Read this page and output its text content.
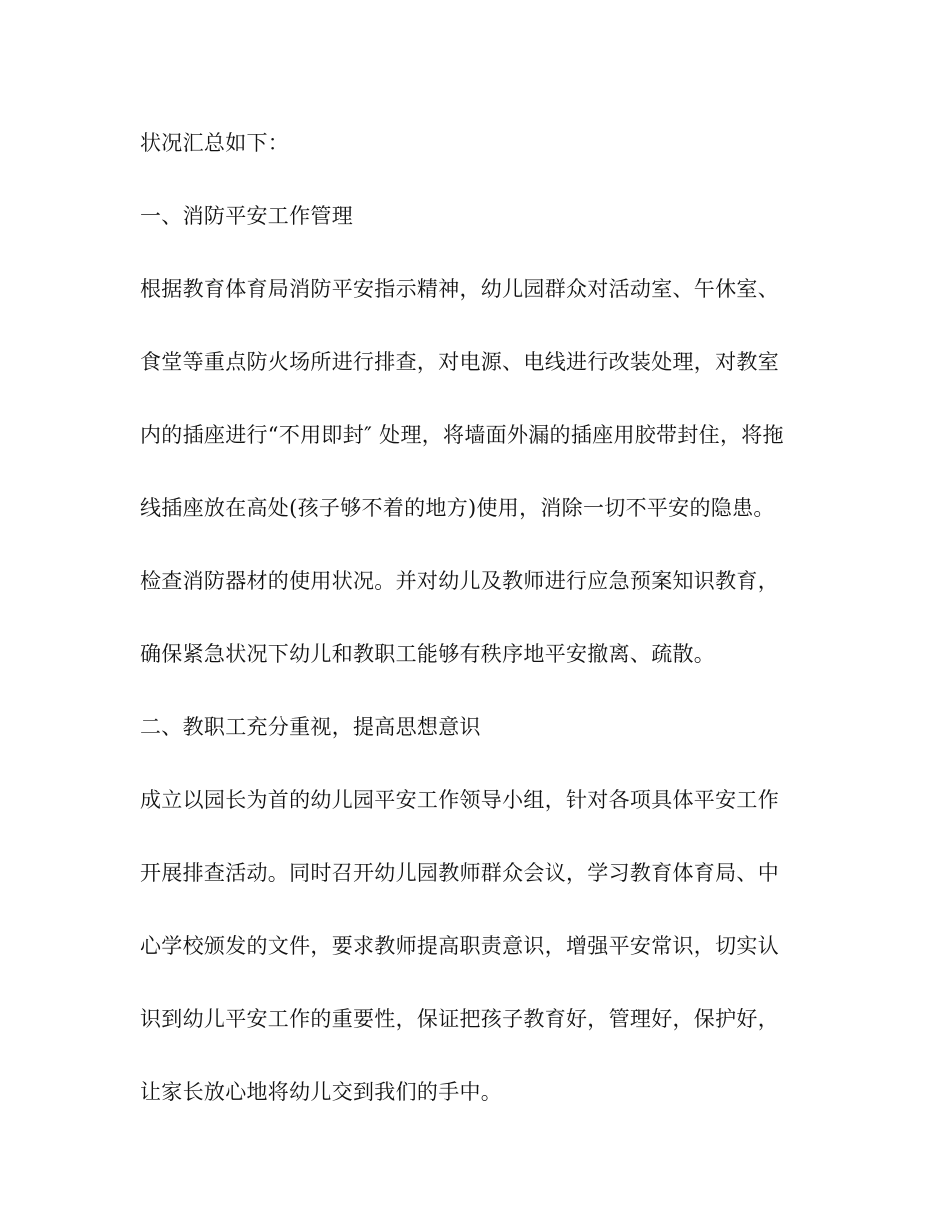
状况汇总如下：
一、消防平安工作管理
根据教育体育局消防平安指示精神，幼儿园群众对活动室、午休室、
食堂等重点防火场所进行排查，对电源、电线进行改装处理，对教室
内的插座进行“不用即封″ 处理，将墙面外漏的插座用胶带封住，将拖
线插座放在高处(孩子够不着的地方)使用，消除一切不平安的隐患。
检查消防器材的使用状况。并对幼儿及教师进行应急预案知识教育，
确保紧急状况下幼儿和教职工能够有秩序地平安撤离、疏散。
二、教职工充分重视，提高思想意识
成立以园长为首的幼儿园平安工作领导小组，针对各项具体平安工作
开展排查活动。同时召开幼儿园教师群众会议，学习教育体育局、中
心学校颁发的文件，要求教师提高职责意识，增强平安常识，切实认
识到幼儿平安工作的重要性，保证把孩子教育好，管理好，保护好，
让家长放心地将幼儿交到我们的手中。
